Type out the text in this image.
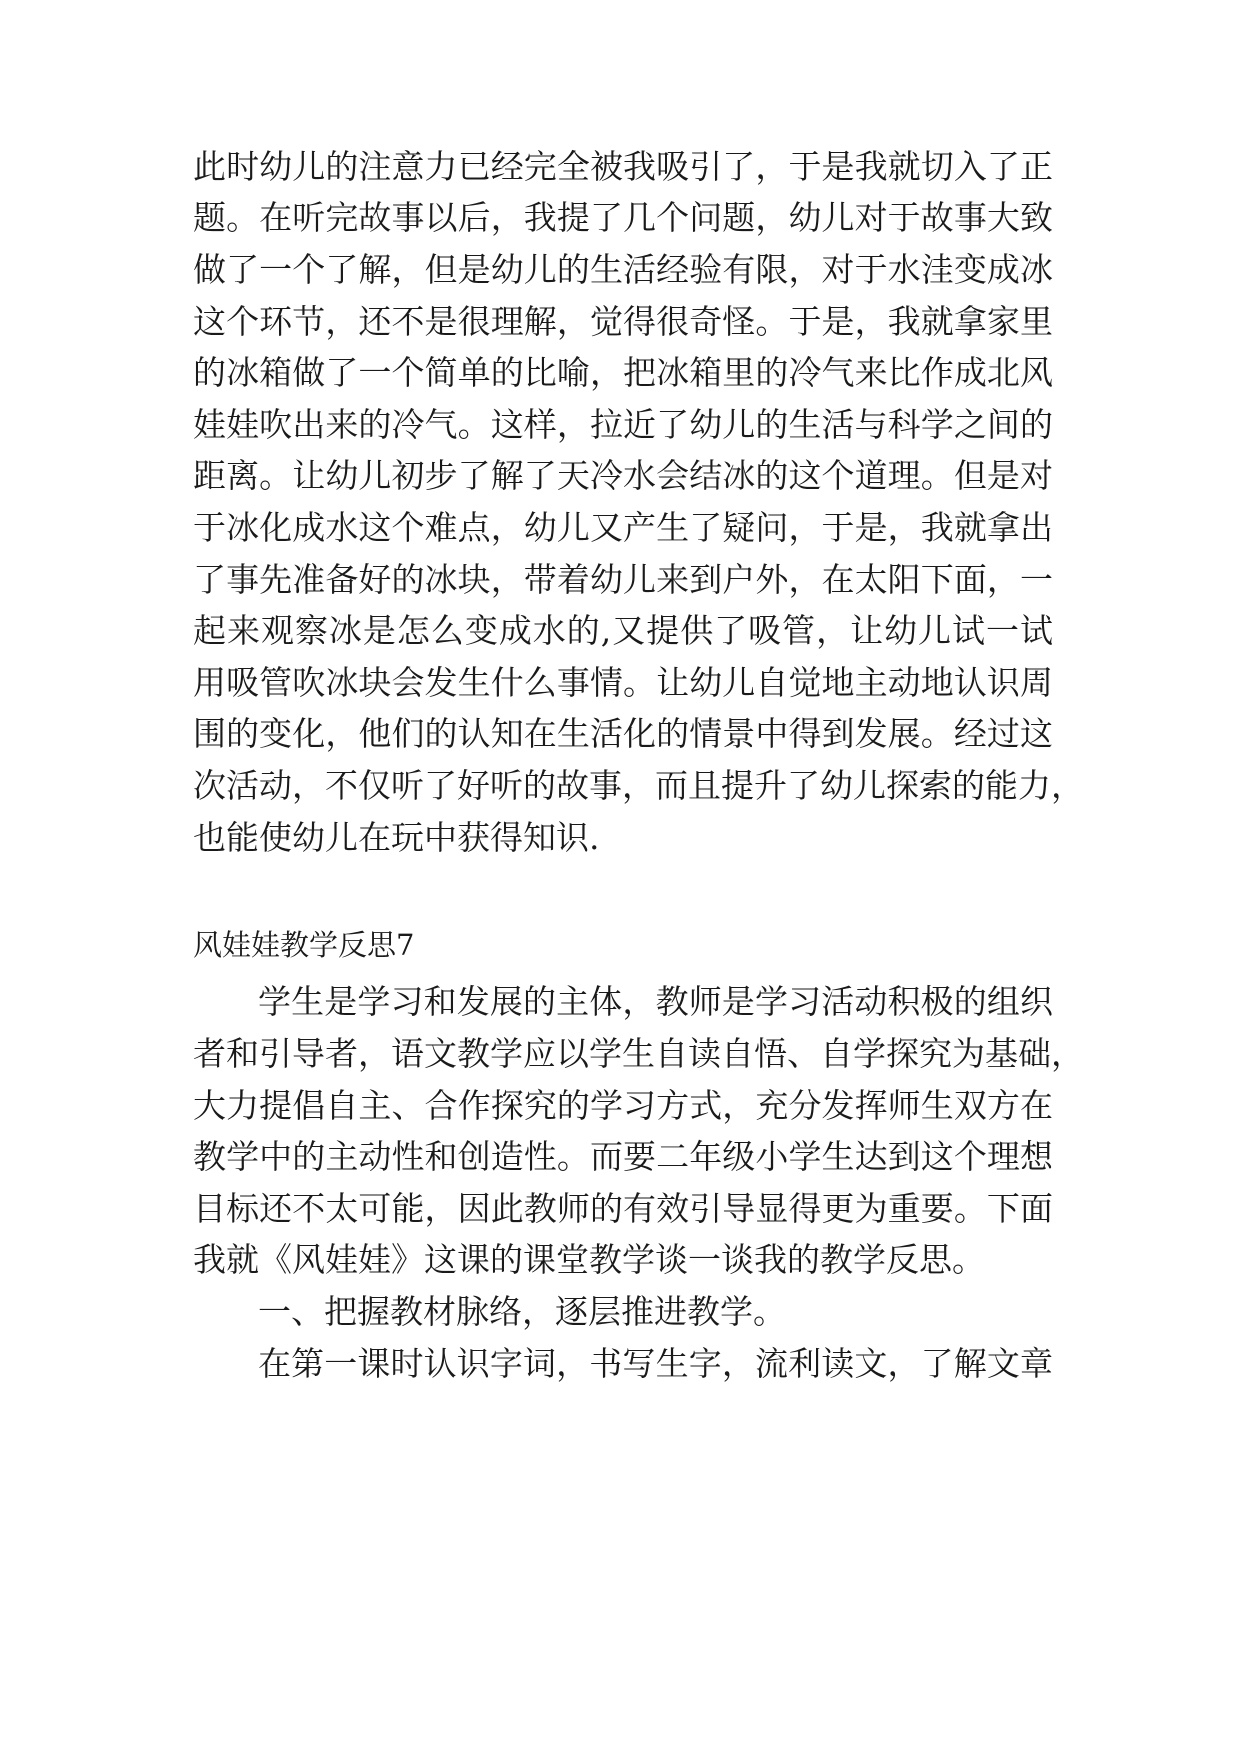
此时幼儿的注意力已经完全被我吸引了，于是我就切入了正
题。在听完故事以后，我提了几个问题，幼儿对于故事大致
做了一个了解，但是幼儿的生活经验有限，对于水洼变成冰
这个环节，还不是很理解，觉得很奇怪。于是，我就拿家里
的冰箱做了一个简单的比喻，把冰箱里的冷气来比作成北风
娃娃吹出来的冷气。这样，拉近了幼儿的生活与科学之间的
距离。让幼儿初步了解了天冷水会结冰的这个道理。但是对
于冰化成水这个难点，幼儿又产生了疑问，于是，我就拿出
了事先准备好的冰块，带着幼儿来到户外，在太阳下面，一
起来观察冰是怎么变成水的,又提供了吸管，让幼儿试一试
用吸管吹冰块会发生什么事情。让幼儿自觉地主动地认识周
围的变化，他们的认知在生活化的情景中得到发展。经过这
次活动，不仅听了好听的故事，而且提升了幼儿探索的能力，
也能使幼儿在玩中获得知识.
风娃娃教学反思7
学生是学习和发展的主体，教师是学习活动积极的组织
者和引导者，语文教学应以学生自读自悟、自学探究为基础，
大力提倡自主、合作探究的学习方式，充分发挥师生双方在
教学中的主动性和创造性。而要二年级小学生达到这个理想
目标还不太可能，因此教师的有效引导显得更为重要。下面
我就《风娃娃》这课的课堂教学谈一谈我的教学反思。
一、把握教材脉络，逐层推进教学。
在第一课时认识字词，书写生字，流利读文，了解文章
